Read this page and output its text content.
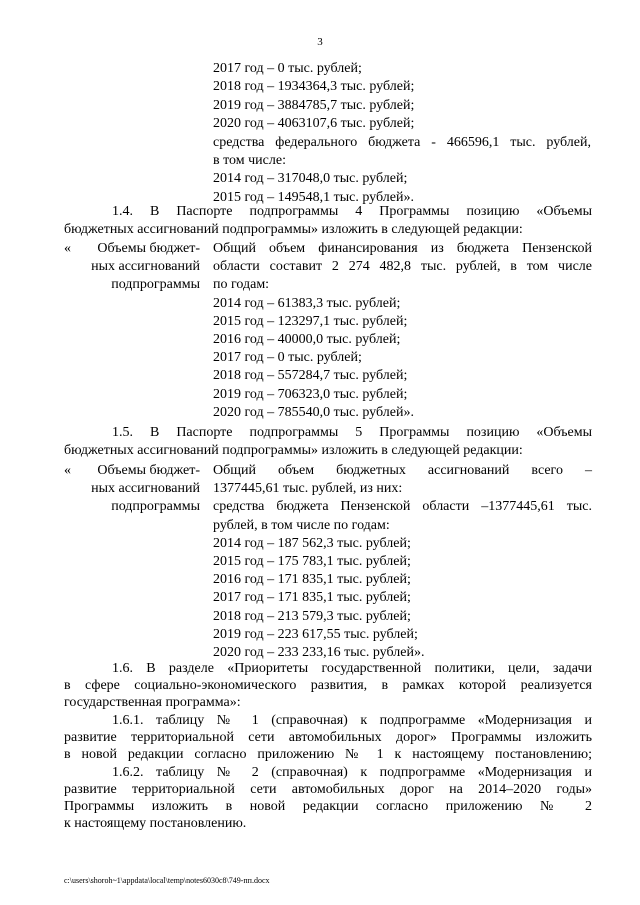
3
2017 год – 0 тыс. рублей;
2018 год – 1934364,3 тыс. рублей;
2019 год – 3884785,7 тыс. рублей;
2020 год – 4063107,6 тыс. рублей;
средства федерального бюджета - 466596,1 тыс. рублей,
в том числе:
2014 год – 317048,0 тыс. рублей;
2015 год – 149548,1 тыс. рублей».
1.4. В Паспорте подпрограммы 4 Программы позицию «Объемы
бюджетных ассигнований подпрограммы» изложить в следующей редакции:
«	Объемы бюджет-
ных ассигнований
подпрограммы
Общий объем финансирования из бюджета Пензенской
области составит 2 274 482,8 тыс. рублей, в том числе
по годам:
2014 год – 61383,3 тыс. рублей;
2015 год – 123297,1 тыс. рублей;
2016 год – 40000,0 тыс. рублей;
2017 год – 0 тыс. рублей;
2018 год – 557284,7 тыс. рублей;
2019 год – 706323,0 тыс. рублей;
2020 год – 785540,0 тыс. рублей».
1.5. В Паспорте подпрограммы 5 Программы позицию «Объемы
бюджетных ассигнований подпрограммы» изложить в следующей редакции:
«	Объемы бюджет-
ных ассигнований
подпрограммы
Общий объем бюджетных ассигнований всего –
1377445,61 тыс. рублей, из них:
средства бюджета Пензенской области –1377445,61 тыс.
рублей, в том числе по годам:
2014 год – 187 562,3 тыс. рублей;
2015 год – 175 783,1 тыс. рублей;
2016 год – 171 835,1 тыс. рублей;
2017 год – 171 835,1 тыс. рублей;
2018 год – 213 579,3 тыс. рублей;
2019 год – 223 617,55 тыс. рублей;
2020 год – 233 233,16 тыс. рублей».
1.6. В разделе «Приоритеты государственной политики, цели, задачи
в сфере социально-экономического развития, в рамках которой реализуется
государственная программа»:
1.6.1. таблицу № 1 (справочная) к подпрограмме «Модернизация и
развитие территориальной сети автомобильных дорог» Программы изложить
в новой редакции согласно приложению № 1 к настоящему постановлению;
1.6.2. таблицу № 2 (справочная) к подпрограмме «Модернизация и
развитие территориальной сети автомобильных дорог на 2014–2020 годы»
Программы изложить в новой редакции согласно приложению № 2
к настоящему постановлению.
c:\users\shoroh~1\appdata\local\temp\notes6030c8\749-пп.docx
